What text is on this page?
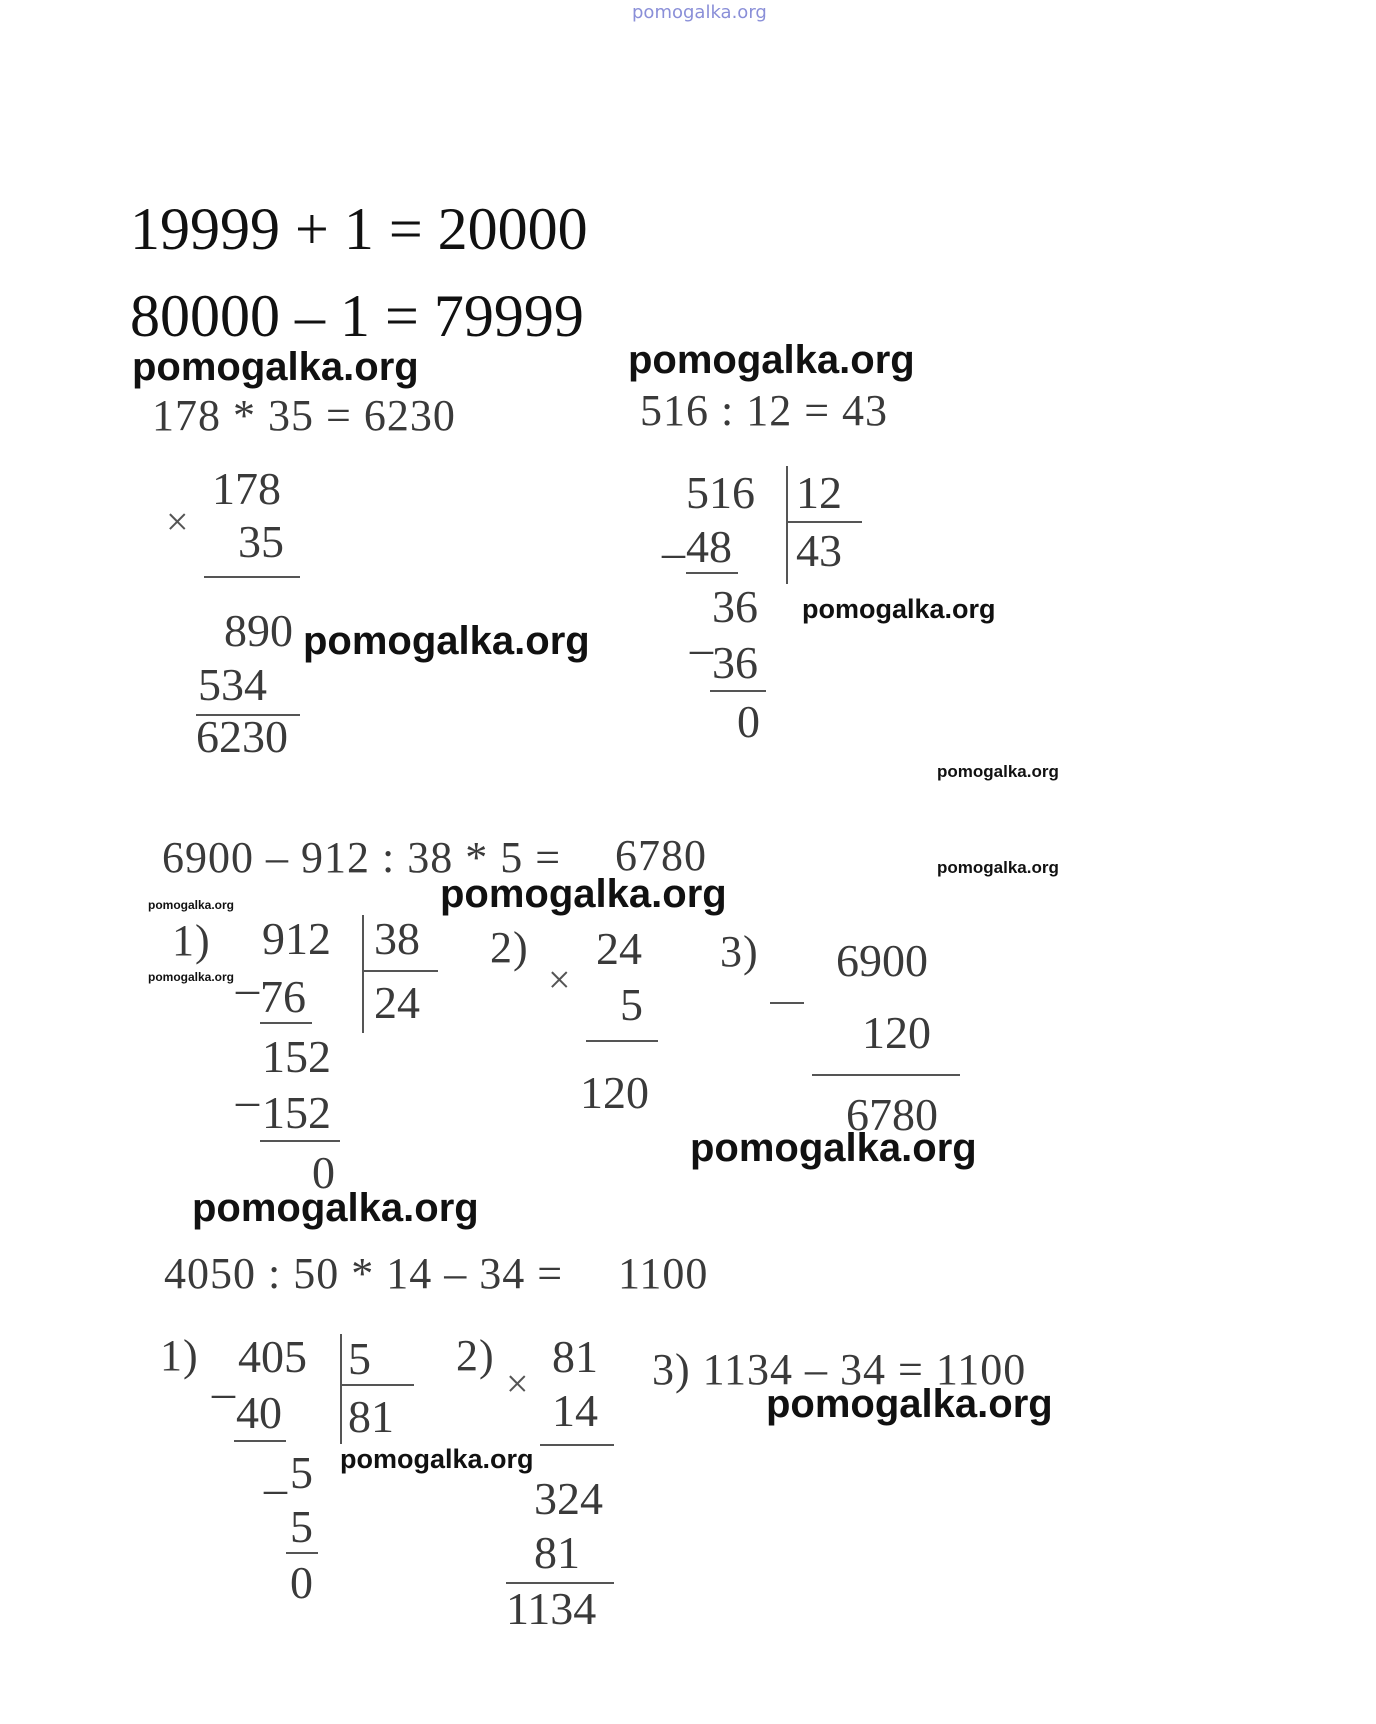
pomogalka.org
19999 + 1 = 20000
80000 – 1 = 79999
pomogalka.org	pomogalka.org
pomogalka.org
pomogalka.org
pomogalka.org
pomogalka.org
pomogalka.org
pomogalka.org
pomogalka.org
pomogalka.org
pomogalka.org
pomogalka.org
pomogalka.org
178 * 35 = 6230
×
178
35
890
534
6230
516 : 12 = 43
_
516 12
43
48
36
_
36
0
6900 – 912 : 38 * 5 = 6780
1)
_
912 38
24
76
152
_
152
0
2)
×
24
5
120
3) 6900
120
6780
4050 : 50 * 14 – 34 = 1100
1) _ 405 5
81
40
_ 5
5
0
2)
×
81
14
324
81
1134
3) 1134 – 34 = 1100
